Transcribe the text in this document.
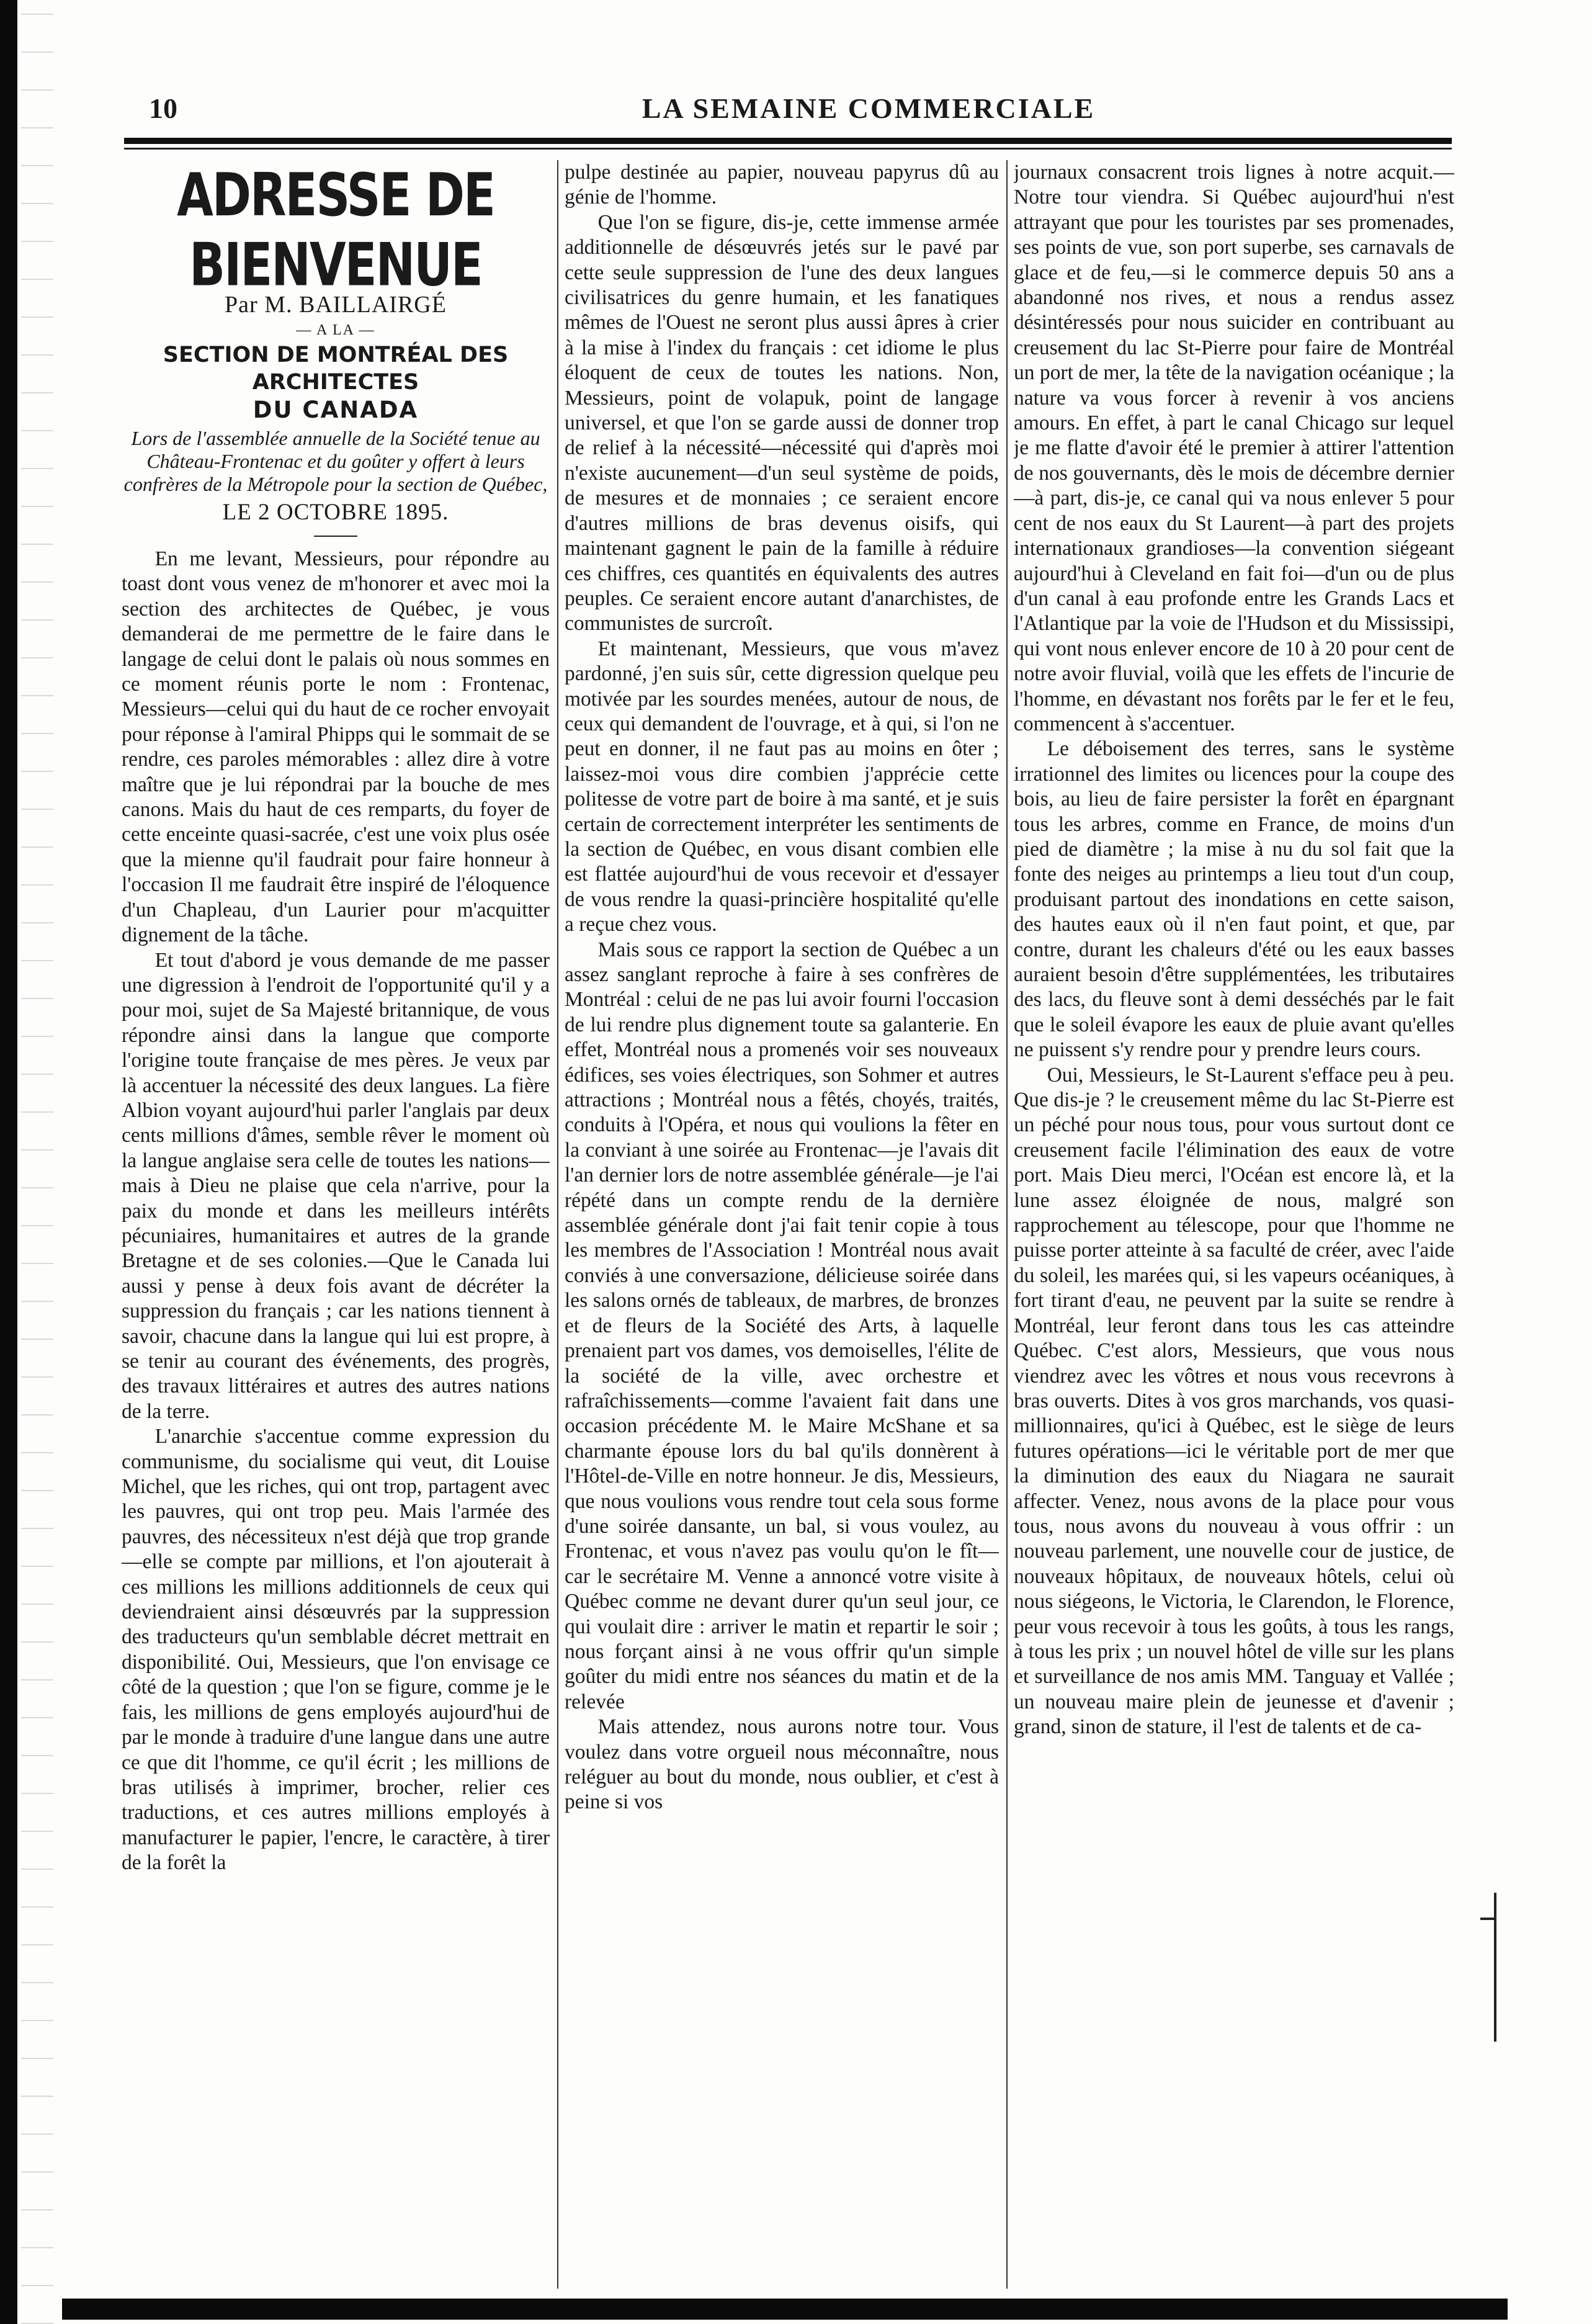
10	LA SEMAINE COMMERCIALE
ADRESSE DE BIENVENUE
Par M. BAILLAIRGÉ
— A LA —
SECTION DE MONTRÉAL DES ARCHITECTES
DU CANADA
Lors de l'assemblée annuelle de la Société tenue au Château-Frontenac et du goûter y offert à leurs confrères de la Métropole pour la section de Québec,
LE 2 OCTOBRE 1895.

En me levant, Messieurs, pour répondre au toast dont vous venez de m'honorer et avec moi la section des architectes de Québec, je vous demanderai de me permettre de le faire dans le langage de celui dont le palais où nous sommes en ce moment réunis porte le nom : Frontenac, Messieurs—celui qui du haut de ce rocher envoyait pour réponse à l'amiral Phipps qui le sommait de se rendre, ces paroles mémorables : allez dire à votre maître que je lui répondrai par la bouche de mes canons. Mais du haut de ces remparts, du foyer de cette enceinte quasi-sacrée, c'est une voix plus osée que la mienne qu'il faudrait pour faire honneur à l'occasion Il me faudrait être inspiré de l'éloquence d'un Chapleau, d'un Laurier pour m'acquitter dignement de la tâche.

Et tout d'abord je vous demande de me passer une digression à l'endroit de l'opportunité qu'il y a pour moi, sujet de Sa Majesté britannique, de vous répondre ainsi dans la langue que comporte l'origine toute française de mes pères. Je veux par là accentuer la nécessité des deux langues. La fière Albion voyant aujourd'hui parler l'anglais par deux cents millions d'âmes, semble rêver le moment où la langue anglaise sera celle de toutes les nations—mais à Dieu ne plaise que cela n'arrive, pour la paix du monde et dans les meilleurs intérêts pécuniaires, humanitaires et autres de la grande Bretagne et de ses colonies.—Que le Canada lui aussi y pense à deux fois avant de décréter la suppression du français ; car les nations tiennent à savoir, chacune dans la langue qui lui est propre, à se tenir au courant des événements, des progrès, des travaux littéraires et autres des autres nations de la terre.

L'anarchie s'accentue comme expression du communisme, du socialisme qui veut, dit Louise Michel, que les riches, qui ont trop, partagent avec les pauvres, qui ont trop peu. Mais l'armée des pauvres, des nécessiteux n'est déjà que trop grande—elle se compte par millions, et l'on ajouterait à ces millions les millions additionnels de ceux qui deviendraient ainsi désœuvrés par la suppression des traducteurs qu'un semblable décret mettrait en disponibilité. Oui, Messieurs, que l'on envisage ce côté de la question ; que l'on se figure, comme je le fais, les millions de gens employés aujourd'hui de par le monde à traduire d'une langue dans une autre ce que dit l'homme, ce qu'il écrit ; les millions de bras utilisés à imprimer, brocher, relier ces traductions, et ces autres millions employés à manufacturer le papier, l'encre, le caractère, à tirer de la forêt la

pulpe destinée au papier, nouveau papyrus dû au génie de l'homme.

Que l'on se figure, dis-je, cette immense armée additionnelle de désœuvrés jetés sur le pavé par cette seule suppression de l'une des deux langues civilisatrices du genre humain, et les fanatiques mêmes de l'Ouest ne seront plus aussi âpres à crier à la mise à l'index du français : cet idiome le plus éloquent de ceux de toutes les nations. Non, Messieurs, point de volapuk, point de langage universel, et que l'on se garde aussi de donner trop de relief à la nécessité—nécessité qui d'après moi n'existe aucunement—d'un seul système de poids, de mesures et de monnaies ; ce seraient encore d'autres millions de bras devenus oisifs, qui maintenant gagnent le pain de la famille à réduire ces chiffres, ces quantités en équivalents des autres peuples. Ce seraient encore autant d'anarchistes, de communistes de surcroît.

Et maintenant, Messieurs, que vous m'avez pardonné, j'en suis sûr, cette digression quelque peu motivée par les sourdes menées, autour de nous, de ceux qui demandent de l'ouvrage, et à qui, si l'on ne peut en donner, il ne faut pas au moins en ôter ; laissez-moi vous dire combien j'apprécie cette politesse de votre part de boire à ma santé, et je suis certain de correctement interpréter les sentiments de la section de Québec, en vous disant combien elle est flattée aujourd'hui de vous recevoir et d'essayer de vous rendre la quasi-princière hospitalité qu'elle a reçue chez vous.

Mais sous ce rapport la section de Québec a un assez sanglant reproche à faire à ses confrères de Montréal : celui de ne pas lui avoir fourni l'occasion de lui rendre plus dignement toute sa galanterie. En effet, Montréal nous a promenés voir ses nouveaux édifices, ses voies électriques, son Sohmer et autres attractions ; Montréal nous a fêtés, choyés, traités, conduits à l'Opéra, et nous qui voulions la fêter en la conviant à une soirée au Frontenac—je l'avais dit l'an dernier lors de notre assemblée générale—je l'ai répété dans un compte rendu de la dernière assemblée générale dont j'ai fait tenir copie à tous les membres de l'Association ! Montréal nous avait conviés à une conversazione, délicieuse soirée dans les salons ornés de tableaux, de marbres, de bronzes et de fleurs de la Société des Arts, à laquelle prenaient part vos dames, vos demoiselles, l'élite de la société de la ville, avec orchestre et rafraîchissements—comme l'avaient fait dans une occasion précédente M. le Maire McShane et sa charmante épouse lors du bal qu'ils donnèrent à l'Hôtel-de-Ville en notre honneur. Je dis, Messieurs, que nous voulions vous rendre tout cela sous forme d'une soirée dansante, un bal, si vous voulez, au Frontenac, et vous n'avez pas voulu qu'on le fît—car le secrétaire M. Venne a annoncé votre visite à Québec comme ne devant durer qu'un seul jour, ce qui voulait dire : arriver le matin et repartir le soir ; nous forçant ainsi à ne vous offrir qu'un simple goûter du midi entre nos séances du matin et de la relevée

Mais attendez, nous aurons notre tour. Vous voulez dans votre orgueil nous méconnaître, nous reléguer au bout du monde, nous oublier, et c'est à peine si vos

journaux consacrent trois lignes à notre acquit.—Notre tour viendra. Si Québec aujourd'hui n'est attrayant que pour les touristes par ses promenades, ses points de vue, son port superbe, ses carnavals de glace et de feu,—si le commerce depuis 50 ans a abandonné nos rives, et nous a rendus assez désintéressés pour nous suicider en contribuant au creusement du lac St-Pierre pour faire de Montréal un port de mer, la tête de la navigation océanique ; la nature va vous forcer à revenir à vos anciens amours. En effet, à part le canal Chicago sur lequel je me flatte d'avoir été le premier à attirer l'attention de nos gouvernants, dès le mois de décembre dernier—à part, dis-je, ce canal qui va nous enlever 5 pour cent de nos eaux du St Laurent—à part des projets internationaux grandioses—la convention siégeant aujourd'hui à Cleveland en fait foi—d'un ou de plus d'un canal à eau profonde entre les Grands Lacs et l'Atlantique par la voie de l'Hudson et du Mississipi, qui vont nous enlever encore de 10 à 20 pour cent de notre avoir fluvial, voilà que les effets de l'incurie de l'homme, en dévastant nos forêts par le fer et le feu, commencent à s'accentuer.

Le déboisement des terres, sans le système irrationnel des limites ou licences pour la coupe des bois, au lieu de faire persister la forêt en épargnant tous les arbres, comme en France, de moins d'un pied de diamètre ; la mise à nu du sol fait que la fonte des neiges au printemps a lieu tout d'un coup, produisant partout des inondations en cette saison, des hautes eaux où il n'en faut point, et que, par contre, durant les chaleurs d'été ou les eaux basses auraient besoin d'être supplémentées, les tributaires des lacs, du fleuve sont à demi desséchés par le fait que le soleil évapore les eaux de pluie avant qu'elles ne puissent s'y rendre pour y prendre leurs cours.

Oui, Messieurs, le St-Laurent s'efface peu à peu. Que dis-je ? le creusement même du lac St-Pierre est un péché pour nous tous, pour vous surtout dont ce creusement facile l'élimination des eaux de votre port. Mais Dieu merci, l'Océan est encore là, et la lune assez éloignée de nous, malgré son rapprochement au télescope, pour que l'homme ne puisse porter atteinte à sa faculté de créer, avec l'aide du soleil, les marées qui, si les vapeurs océaniques, à fort tirant d'eau, ne peuvent par la suite se rendre à Montréal, leur feront dans tous les cas atteindre Québec. C'est alors, Messieurs, que vous nous viendrez avec les vôtres et nous vous recevrons à bras ouverts. Dites à vos gros marchands, vos quasi-millionnaires, qu'ici à Québec, est le siège de leurs futures opérations—ici le véritable port de mer que la diminution des eaux du Niagara ne saurait affecter. Venez, nous avons de la place pour vous tous, nous avons du nouveau à vous offrir : un nouveau parlement, une nouvelle cour de justice, de nouveaux hôpitaux, de nouveaux hôtels, celui où nous siégeons, le Victoria, le Clarendon, le Florence, peur vous recevoir à tous les goûts, à tous les rangs, à tous les prix ; un nouvel hôtel de ville sur les plans et surveillance de nos amis MM. Tanguay et Vallée ; un nouveau maire plein de jeunesse et d'avenir ; grand, sinon de stature, il l'est de talents et de ca-
